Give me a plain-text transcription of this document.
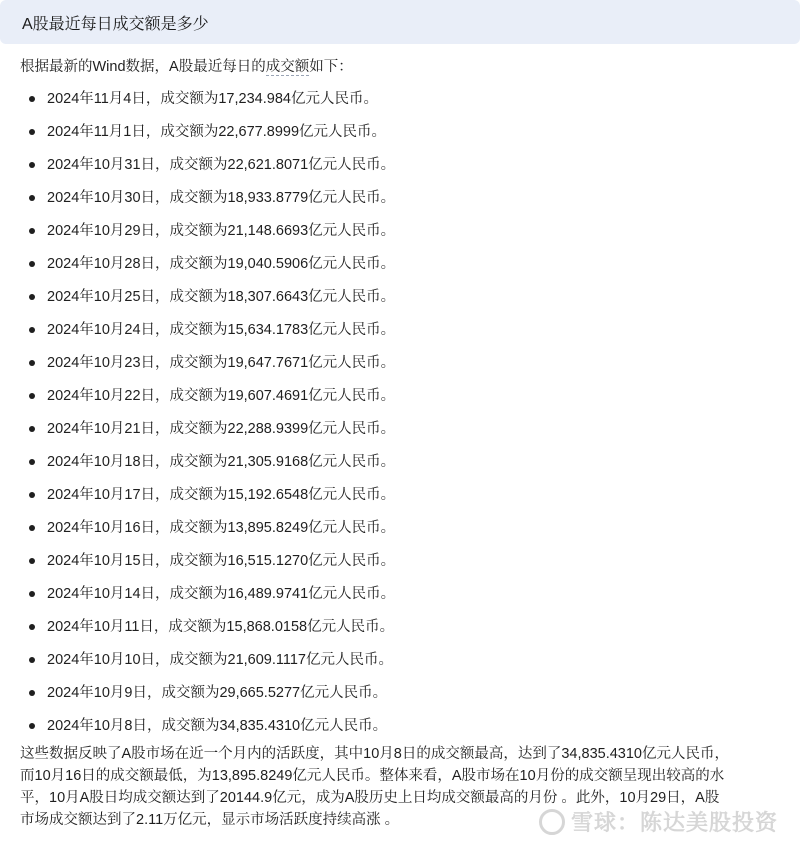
A股最近每日成交额是多少
根据最新的Wind数据，A股最近每日的成交额如下：
2024年11月4日，成交额为17,234.984亿元人民币。
2024年11月1日，成交额为22,677.8999亿元人民币。
2024年10月31日，成交额为22,621.8071亿元人民币。
2024年10月30日，成交额为18,933.8779亿元人民币。
2024年10月29日，成交额为21,148.6693亿元人民币。
2024年10月28日，成交额为19,040.5906亿元人民币。
2024年10月25日，成交额为18,307.6643亿元人民币。
2024年10月24日，成交额为15,634.1783亿元人民币。
2024年10月23日，成交额为19,647.7671亿元人民币。
2024年10月22日，成交额为19,607.4691亿元人民币。
2024年10月21日，成交额为22,288.9399亿元人民币。
2024年10月18日，成交额为21,305.9168亿元人民币。
2024年10月17日，成交额为15,192.6548亿元人民币。
2024年10月16日，成交额为13,895.8249亿元人民币。
2024年10月15日，成交额为16,515.1270亿元人民币。
2024年10月14日，成交额为16,489.9741亿元人民币。
2024年10月11日，成交额为15,868.0158亿元人民币。
2024年10月10日，成交额为21,609.1117亿元人民币。
2024年10月9日，成交额为29,665.5277亿元人民币。
2024年10月8日，成交额为34,835.4310亿元人民币。

这些数据反映了A股市场在近一个月内的活跃度，其中10月8日的成交额最高，达到了34,835.4310亿元人民币，

而10月16日的成交额最低，为13,895.8249亿元人民币。整体来看，A股市场在10月份的成交额呈现出较高的水

平，10月A股日均成交额达到了20144.9亿元，成为A股历史上日均成交额最高的月份 。此外，10月29日，A股

市场成交额达到了2.11万亿元，显示市场活跃度持续高涨 。	雪球：陈达美股投资
